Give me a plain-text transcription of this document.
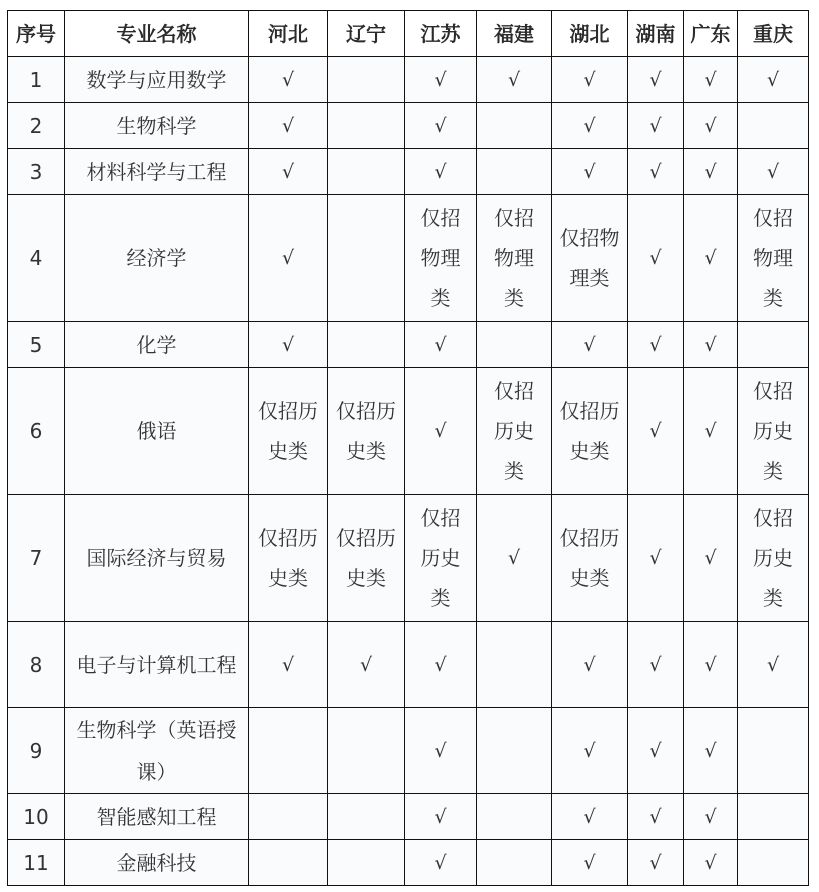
序号	专业名称	河北	辽宁	江苏	福建	湖北	湖南	广东	重庆
1	数学与应用数学	√		√	√	√	√	√	√
2	生物科学	√		√		√	√	√	
3	材料科学与工程	√		√		√	√	√	√
4	经济学	√		仅招物理类	仅招物理类	仅招物理类	√	√	仅招物理类
5	化学	√		√		√	√	√	
6	俄语	仅招历史类	仅招历史类	√	仅招历史类	仅招历史类	√	√	仅招历史类
7	国际经济与贸易	仅招历史类	仅招历史类	仅招历史类	√	仅招历史类	√	√	仅招历史类
8	电子与计算机工程	√	√	√		√	√	√	√
9	生物科学（英语授课）			√		√	√	√	
10	智能感知工程			√		√	√	√	
11	金融科技			√		√	√	√	
